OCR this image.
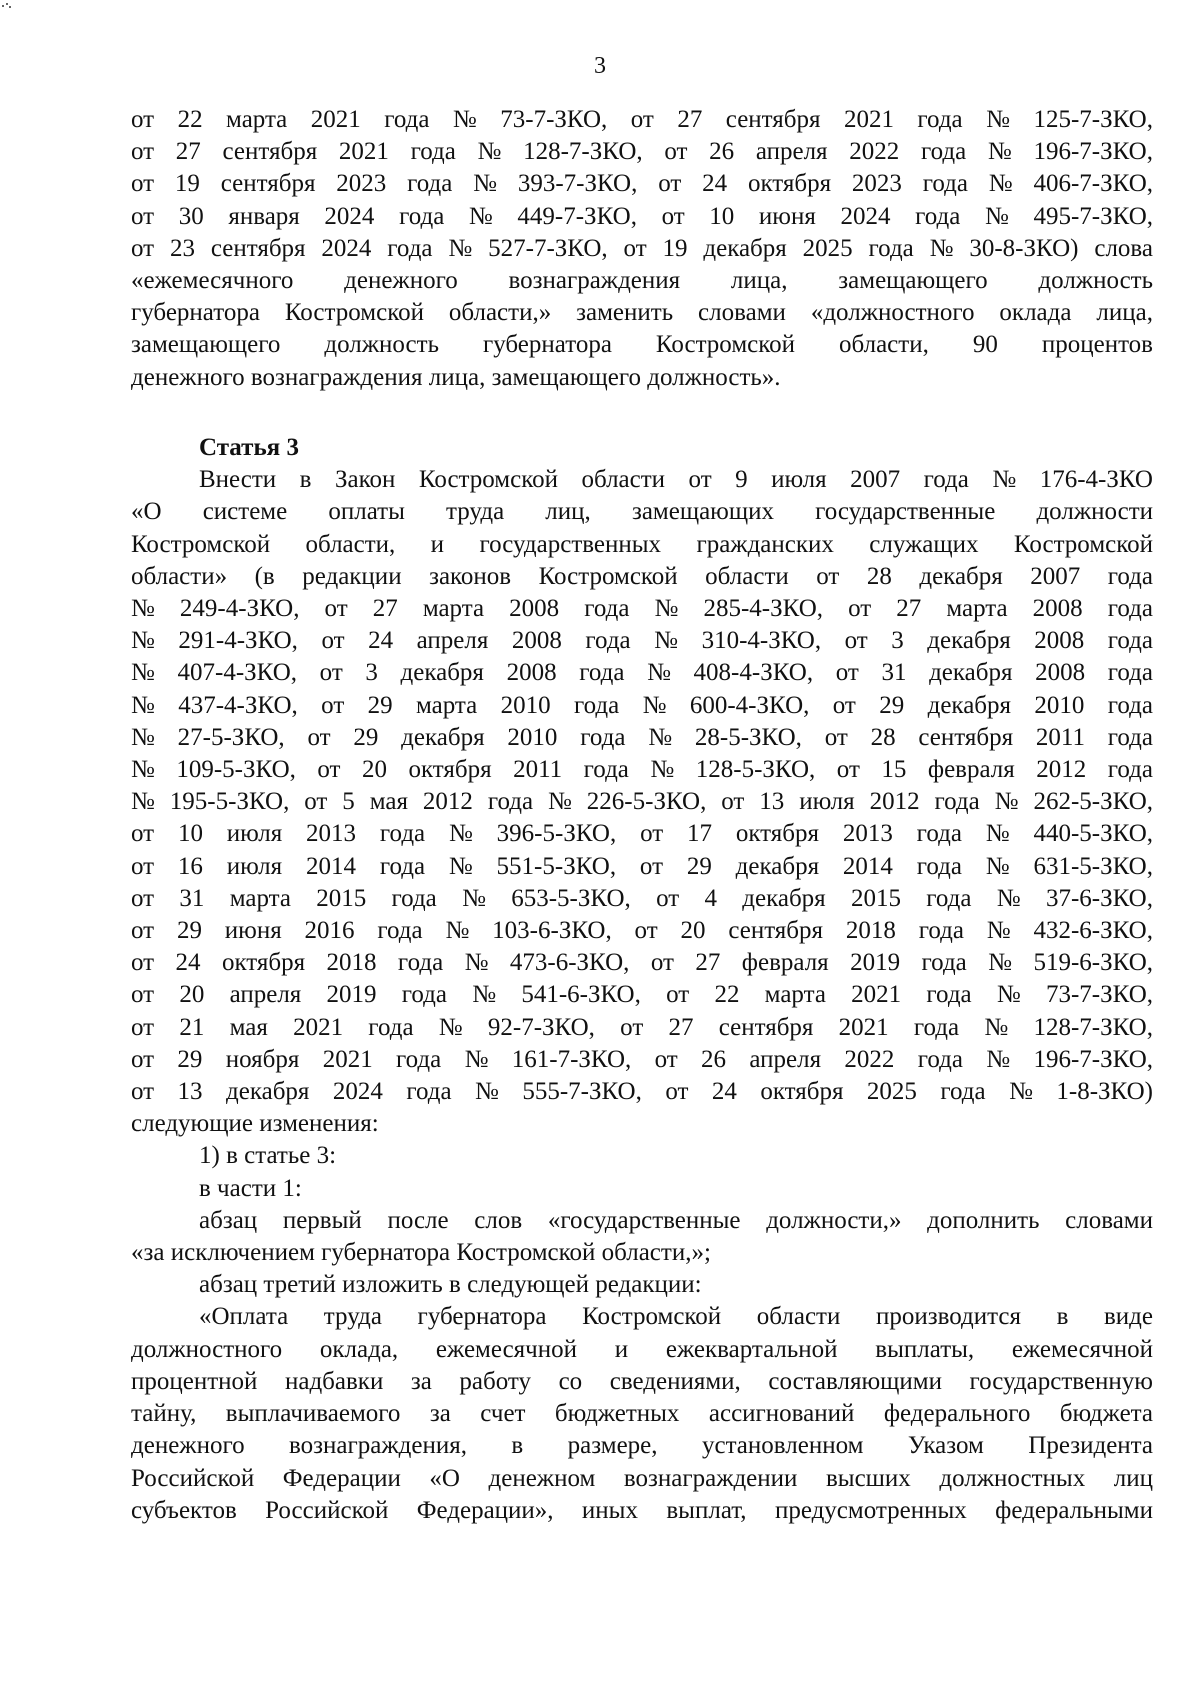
3
от 22 марта 2021 года № 73-7-ЗКО, от 27 сентября 2021 года № 125-7-ЗКО,
от 27 сентября 2021 года № 128-7-ЗКО, от 26 апреля 2022 года № 196-7-ЗКО,
от 19 сентября 2023 года № 393-7-ЗКО, от 24 октября 2023 года № 406-7-ЗКО,
от 30 января 2024 года № 449-7-ЗКО, от 10 июня 2024 года № 495-7-ЗКО,
от 23 сентября 2024 года № 527-7-ЗКО, от 19 декабря 2025 года № 30-8-ЗКО) слова
«ежемесячного денежного вознаграждения лица, замещающего должность
губернатора Костромской области,» заменить словами «должностного оклада лица,
замещающего должность губернатора Костромской области, 90 процентов
денежного вознаграждения лица, замещающего должность».
Статья 3
Внести в Закон Костромской области от 9 июля 2007 года № 176-4-ЗКО
«О системе оплаты труда лиц, замещающих государственные должности
Костромской области, и государственных гражданских служащих Костромской
области» (в редакции законов Костромской области от 28 декабря 2007 года
№ 249-4-ЗКО, от 27 марта 2008 года № 285-4-ЗКО, от 27 марта 2008 года
№ 291-4-ЗКО, от 24 апреля 2008 года № 310-4-ЗКО, от 3 декабря 2008 года
№ 407-4-ЗКО, от 3 декабря 2008 года № 408-4-ЗКО, от 31 декабря 2008 года
№ 437-4-ЗКО, от 29 марта 2010 года № 600-4-ЗКО, от 29 декабря 2010 года
№ 27-5-ЗКО, от 29 декабря 2010 года № 28-5-ЗКО, от 28 сентября 2011 года
№ 109-5-ЗКО, от 20 октября 2011 года № 128-5-ЗКО, от 15 февраля 2012 года
№ 195-5-ЗКО, от 5 мая 2012 года № 226-5-ЗКО, от 13 июля 2012 года № 262-5-ЗКО,
от 10 июля 2013 года № 396-5-ЗКО, от 17 октября 2013 года № 440-5-ЗКО,
от 16 июля 2014 года № 551-5-ЗКО, от 29 декабря 2014 года № 631-5-ЗКО,
от 31 марта 2015 года № 653-5-ЗКО, от 4 декабря 2015 года № 37-6-ЗКО,
от 29 июня 2016 года № 103-6-ЗКО, от 20 сентября 2018 года № 432-6-ЗКО,
от 24 октября 2018 года № 473-6-ЗКО, от 27 февраля 2019 года № 519-6-ЗКО,
от 20 апреля 2019 года № 541-6-ЗКО, от 22 марта 2021 года № 73-7-ЗКО,
от 21 мая 2021 года № 92-7-ЗКО, от 27 сентября 2021 года № 128-7-ЗКО,
от 29 ноября 2021 года № 161-7-ЗКО, от 26 апреля 2022 года № 196-7-ЗКО,
от 13 декабря 2024 года № 555-7-ЗКО, от 24 октября 2025 года № 1-8-ЗКО)
следующие изменения:
1) в статье 3:
в части 1:
абзац первый после слов «государственные должности,» дополнить словами
«за исключением губернатора Костромской области,»;
абзац третий изложить в следующей редакции:
«Оплата труда губернатора Костромской области производится в виде
должностного оклада, ежемесячной и ежеквартальной выплаты, ежемесячной
процентной надбавки за работу со сведениями, составляющими государственную
тайну, выплачиваемого за счет бюджетных ассигнований федерального бюджета
денежного вознаграждения, в размере, установленном Указом Президента
Российской Федерации «О денежном вознаграждении высших должностных лиц
субъектов Российской Федерации», иных выплат, предусмотренных федеральными
